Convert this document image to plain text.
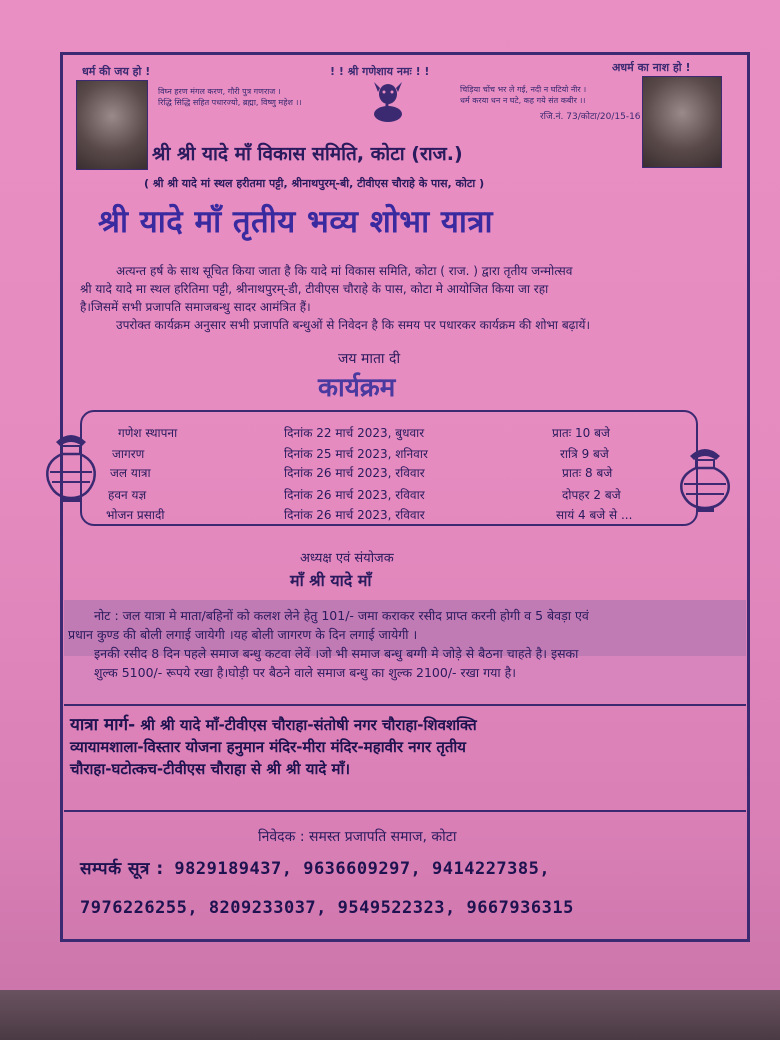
धर्म की जय हो !	! ! श्री गणेशाय नमः ! !	अधर्म का नाश हो !
विघ्न हरण मंगल करण, गौरी पुत्र गणराज ।
रिद्धि सिद्धि सहित पधारज्यो, ब्रह्मा, विष्णु महेश ।।
चिड़िया चोंच भर ले गई, नदी न घटियो नीर ।
धर्म करया धन न घटे, कह गये संत कबीर ।।
रजि.नं. 73/कोटा/20/15-16
श्री श्री यादे माँ विकास समिति, कोटा (राज.)
( श्री श्री यादे मां स्थल हरीतमा पट्टी, श्रीनाथपुरम्-बी, टीवीएस चौराहे के पास, कोटा )
श्री यादे माँ तृतीय भव्य शोभा यात्रा
अत्यन्त हर्ष के साथ सूचित किया जाता है कि यादे मां विकास समिति, कोटा ( राज. ) द्वारा तृतीय जन्मोत्सव
श्री यादे यादे मा स्थल हरितिमा पट्टी, श्रीनाथपुरम्-डी, टीवीएस चौराहे के पास, कोटा मे आयोजित किया जा रहा
है।जिसमें सभी प्रजापति समाजबन्धु सादर आमंत्रित हैं।
उपरोक्त कार्यक्रम अनुसार सभी प्रजापति बन्धुओं से निवेदन है कि समय पर पधारकर कार्यक्रम की शोभा बढ़ायें।
जय माता दी
कार्यक्रम
गणेश स्थापना	दिनांक 22 मार्च 2023, बुधवार	प्रातः 10 बजे
जागरण	दिनांक 25 मार्च 2023, शनिवार	रात्रि 9 बजे
जल यात्रा	दिनांक 26 मार्च 2023, रविवार	प्रातः 8 बजे
हवन यज्ञ	दिनांक 26 मार्च 2023, रविवार	दोपहर 2 बजे
भोजन प्रसादी	दिनांक 26 मार्च 2023, रविवार	सायं 4 बजे से ...
अध्यक्ष एवं संयोजक
माँ श्री यादे माँ
नोट : जल यात्रा मे माता/बहिनों को कलश लेने हेतु 101/- जमा कराकर रसीद प्राप्त करनी होगी व 5 बेवड़ा एवं
प्रधान कुण्ड की बोली लगाई जायेगी ।यह बोली जागरण के दिन लगाई जायेगी ।
इनकी रसीद 8 दिन पहले समाज बन्धु कटवा लेवें ।जो भी समाज बन्धु बग्गी मे जोड़े से बैठना चाहते है। इसका
शुल्क 5100/- रूपये रखा है।घोड़ी पर बैठने वाले समाज बन्धु का शुल्क 2100/- रखा गया है।
यात्रा मार्ग- श्री श्री यादे माँ-टीवीएस चौराहा-संतोषी नगर चौराहा-शिवशक्ति
व्यायामशाला-विस्तार योजना हनुमान मंदिर-मीरा मंदिर-महावीर नगर तृतीय
चौराहा-घटोत्कच-टीवीएस चौराहा से श्री श्री यादे माँ।
निवेदक : समस्त प्रजापति समाज, कोटा
सम्पर्क सूत्र : 9829189437, 9636609297, 9414227385,
7976226255, 8209233037, 9549522323, 9667936315
